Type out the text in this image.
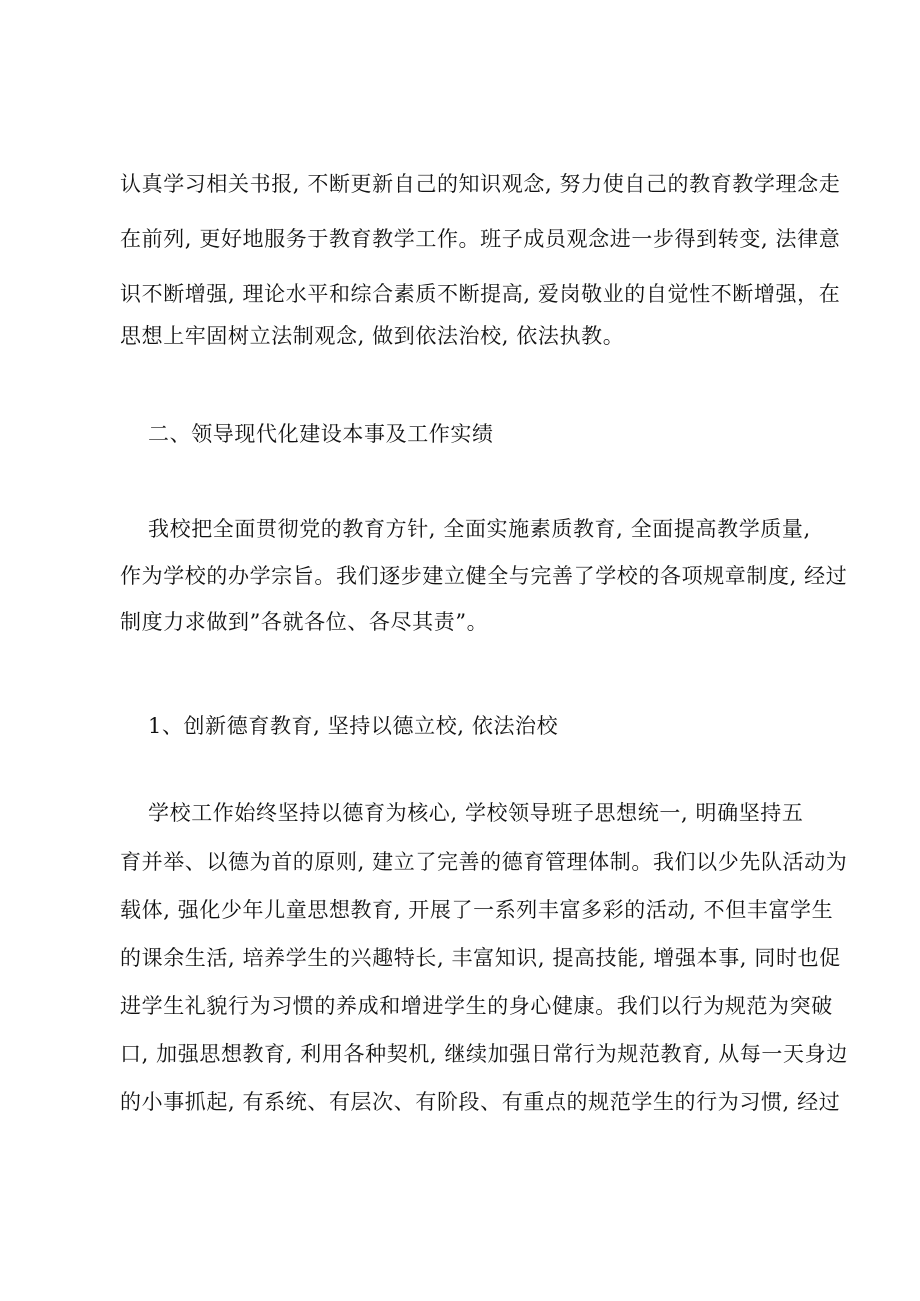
认真学习相关书报, 不断更新自己的知识观念, 努力使自己的教育教学理念走
在前列, 更好地服务于教育教学工作。班子成员观念进一步得到转变, 法律意
识不断增强, 理论水平和综合素质不断提高, 爱岗敬业的自觉性不断增强，在
思想上牢固树立法制观念, 做到依法治校, 依法执教。
二、领导现代化建设本事及工作实绩
我校把全面贯彻党的教育方针, 全面实施素质教育, 全面提高教学质量,
作为学校的办学宗旨。我们逐步建立健全与完善了学校的各项规章制度, 经过
制度力求做到”各就各位、各尽其责”。
1、创新德育教育, 坚持以德立校, 依法治校
学校工作始终坚持以德育为核心, 学校领导班子思想统一, 明确坚持五
育并举、以德为首的原则, 建立了完善的德育管理体制。我们以少先队活动为
载体, 强化少年儿童思想教育, 开展了一系列丰富多彩的活动, 不但丰富学生
的课余生活, 培养学生的兴趣特长, 丰富知识, 提高技能, 增强本事, 同时也促
进学生礼貌行为习惯的养成和增进学生的身心健康。我们以行为规范为突破
口, 加强思想教育, 利用各种契机, 继续加强日常行为规范教育, 从每一天身边
的小事抓起, 有系统、有层次、有阶段、有重点的规范学生的行为习惯, 经过
